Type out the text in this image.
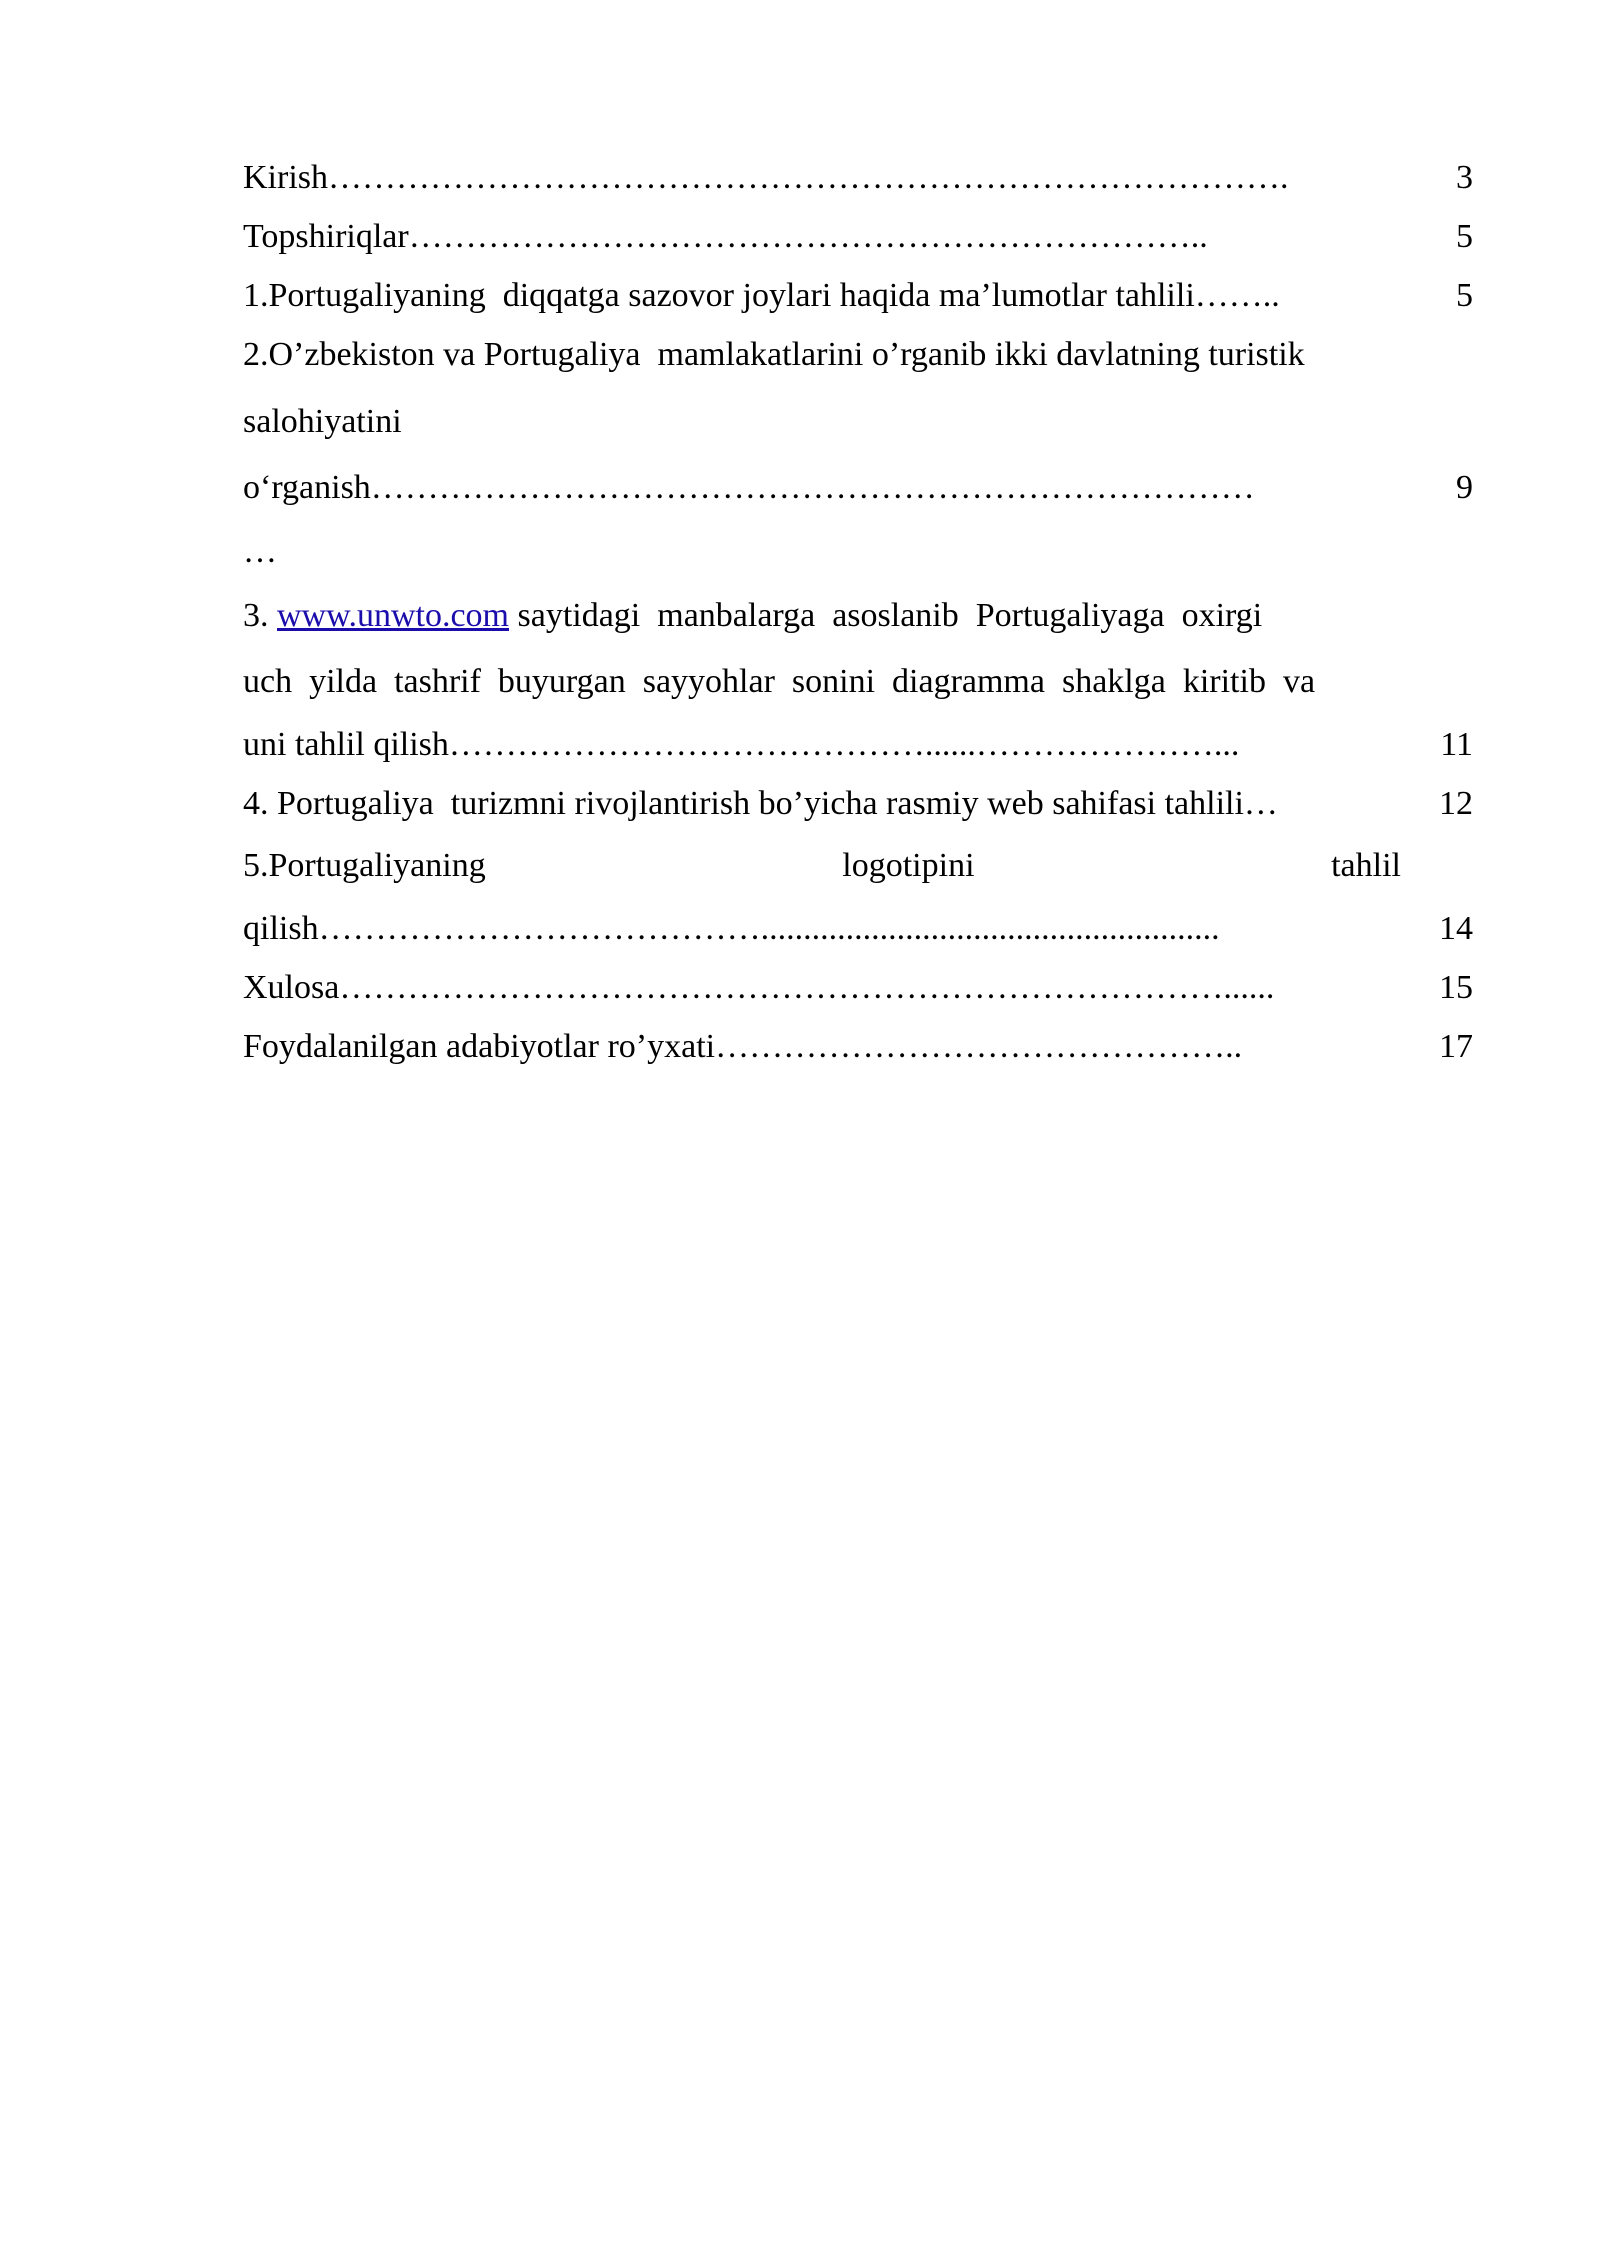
Kirish………………………………………………………………………….	3
Topshiriqlar……………………………………………………………..	5
1.Portugaliyaning  diqqatga sazovor joylari haqida ma’lumotlar tahlili……..	5
2.O’zbekiston va Portugaliya  mamlakatlarini o’rganib ikki davlatning turistik
salohiyatini
o‘rganish……………………………………………………………………	9
…
3. www.unwto.com saytidagi  manbalarga  asoslanib  Portugaliyaga  oxirgi
uch  yilda  tashrif  buyurgan  sayyohlar  sonini  diagramma  shaklga  kiritib  va
uni tahlil qilish……………………………………......…………………...	11
4. Portugaliya  turizmni rivojlantirish bo’yicha rasmiy web sahifasi tahlili…	12
5.Portugaliyaning	logotipini	tahlil
qilish…………………………………......................................................	14
Xulosa……………………………………………………………………......	15
Foydalanilgan adabiyotlar ro’yxati………………………………………..	17
